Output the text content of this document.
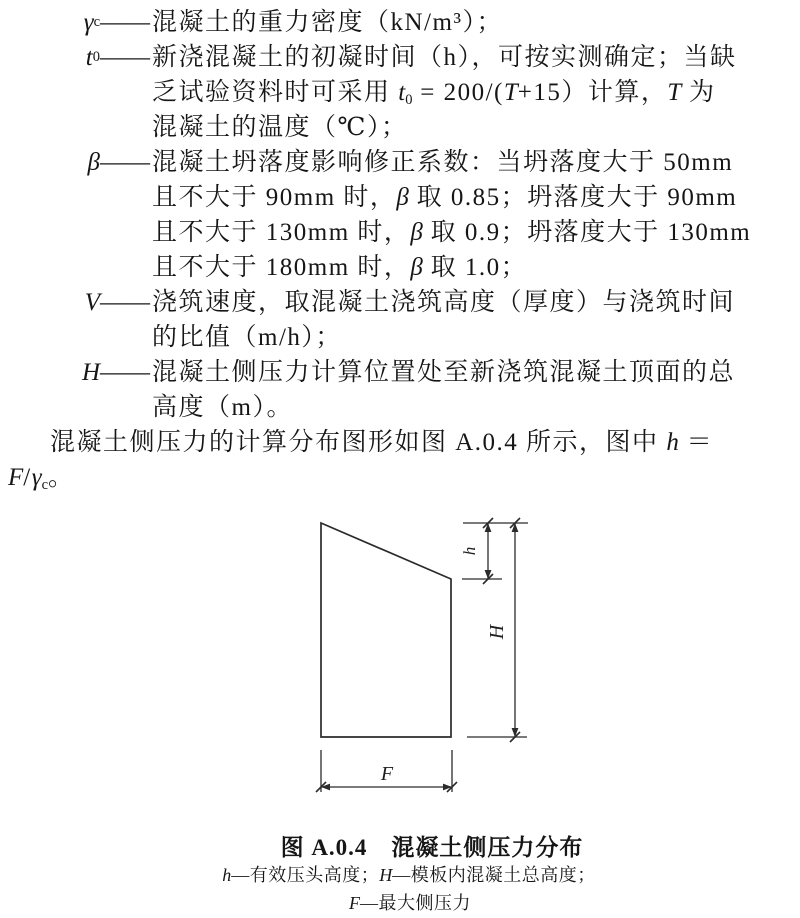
γ c —— 混凝土的重力密度（kN/m³）；
t 0 —— 新浇混凝土的初凝时间（h），可按实测确定；当缺
乏试验资料时可采用 t0 = 200/(T+15）计算，T 为
混凝土的温度（℃）；
β —— 混凝土坍落度影响修正系数：当坍落度大于 50mm
且不大于 90mm 时，β 取 0.85；坍落度大于 90mm
且不大于 130mm 时，β 取 0.9；坍落度大于 130mm
且不大于 180mm 时，β 取 1.0；
V —— 浇筑速度，取混凝土浇筑高度（厚度）与浇筑时间
的比值（m/h）；
H —— 混凝土侧压力计算位置处至新浇筑混凝土顶面的总
高度（m）。
混凝土侧压力的计算分布图形如图 A.0.4 所示，图中 h ＝
F/γc。
h
H
F
图 A.0.4　混凝土侧压力分布
h—有效压头高度；H—模板内混凝土总高度；
F—最大侧压力
